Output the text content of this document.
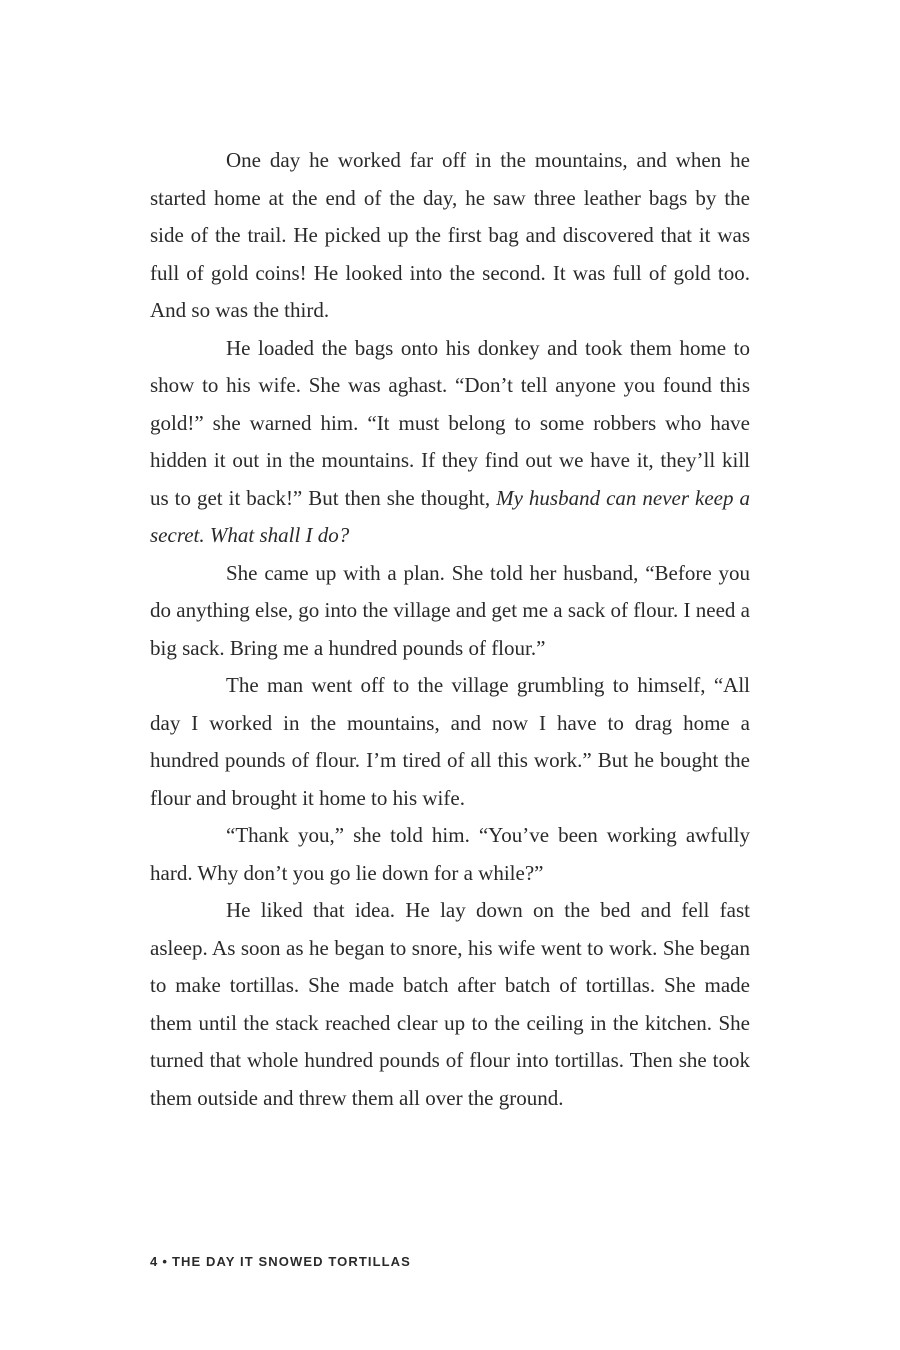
One day he worked far off in the mountains, and when he started home at the end of the day, he saw three leather bags by the side of the trail. He picked up the first bag and discovered that it was full of gold coins! He looked into the second. It was full of gold too. And so was the third.

He loaded the bags onto his donkey and took them home to show to his wife. She was aghast. “Don’t tell anyone you found this gold!” she warned him. “It must belong to some robbers who have hidden it out in the mountains. If they find out we have it, they’ll kill us to get it back!” But then she thought, My husband can never keep a secret. What shall I do?

She came up with a plan. She told her husband, “Before you do anything else, go into the village and get me a sack of flour. I need a big sack. Bring me a hundred pounds of flour.”

The man went off to the village grumbling to himself, “All day I worked in the mountains, and now I have to drag home a hundred pounds of flour. I’m tired of all this work.” But he bought the flour and brought it home to his wife.

“Thank you,” she told him. “You’ve been working awfully hard. Why don’t you go lie down for a while?”

He liked that idea. He lay down on the bed and fell fast asleep. As soon as he began to snore, his wife went to work. She began to make tortillas. She made batch after batch of tortillas. She made them until the stack reached clear up to the ceiling in the kitchen. She turned that whole hundred pounds of flour into tortillas. Then she took them outside and threw them all over the ground.

4 • THE DAY IT SNOWED TORTILLAS
